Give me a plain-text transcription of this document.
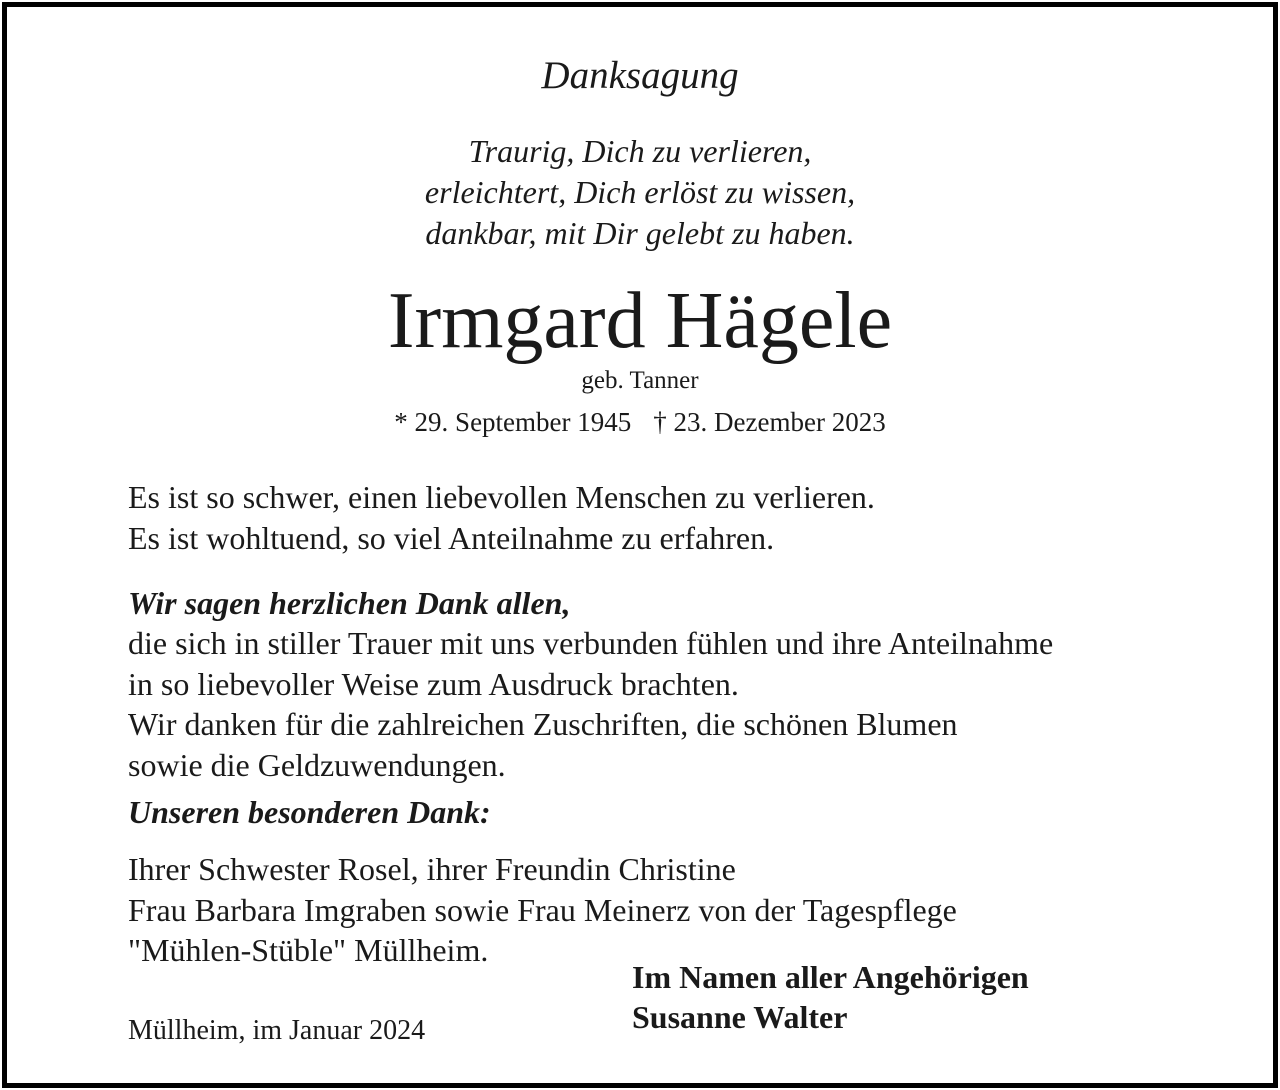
Danksagung
Traurig, Dich zu verlieren,
erleichtert, Dich erlöst zu wissen,
dankbar, mit Dir gelebt zu haben.
Irmgard Hägele
geb. Tanner
* 29. September 1945 † 23. Dezember 2023
Es ist so schwer, einen liebevollen Menschen zu verlieren.
Es ist wohltuend, so viel Anteilnahme zu erfahren.
Wir sagen herzlichen Dank allen,
die sich in stiller Trauer mit uns verbunden fühlen und ihre Anteilnahme
in so liebevoller Weise zum Ausdruck brachten.
Wir danken für die zahlreichen Zuschriften, die schönen Blumen
sowie die Geldzuwendungen.
Unseren besonderen Dank:
Ihrer Schwester Rosel, ihrer Freundin Christine
Frau Barbara Imgraben sowie Frau Meinerz von der Tagespflege
"Mühlen-Stüble" Müllheim.
Im Namen aller Angehörigen
Susanne Walter
Müllheim, im Januar 2024
